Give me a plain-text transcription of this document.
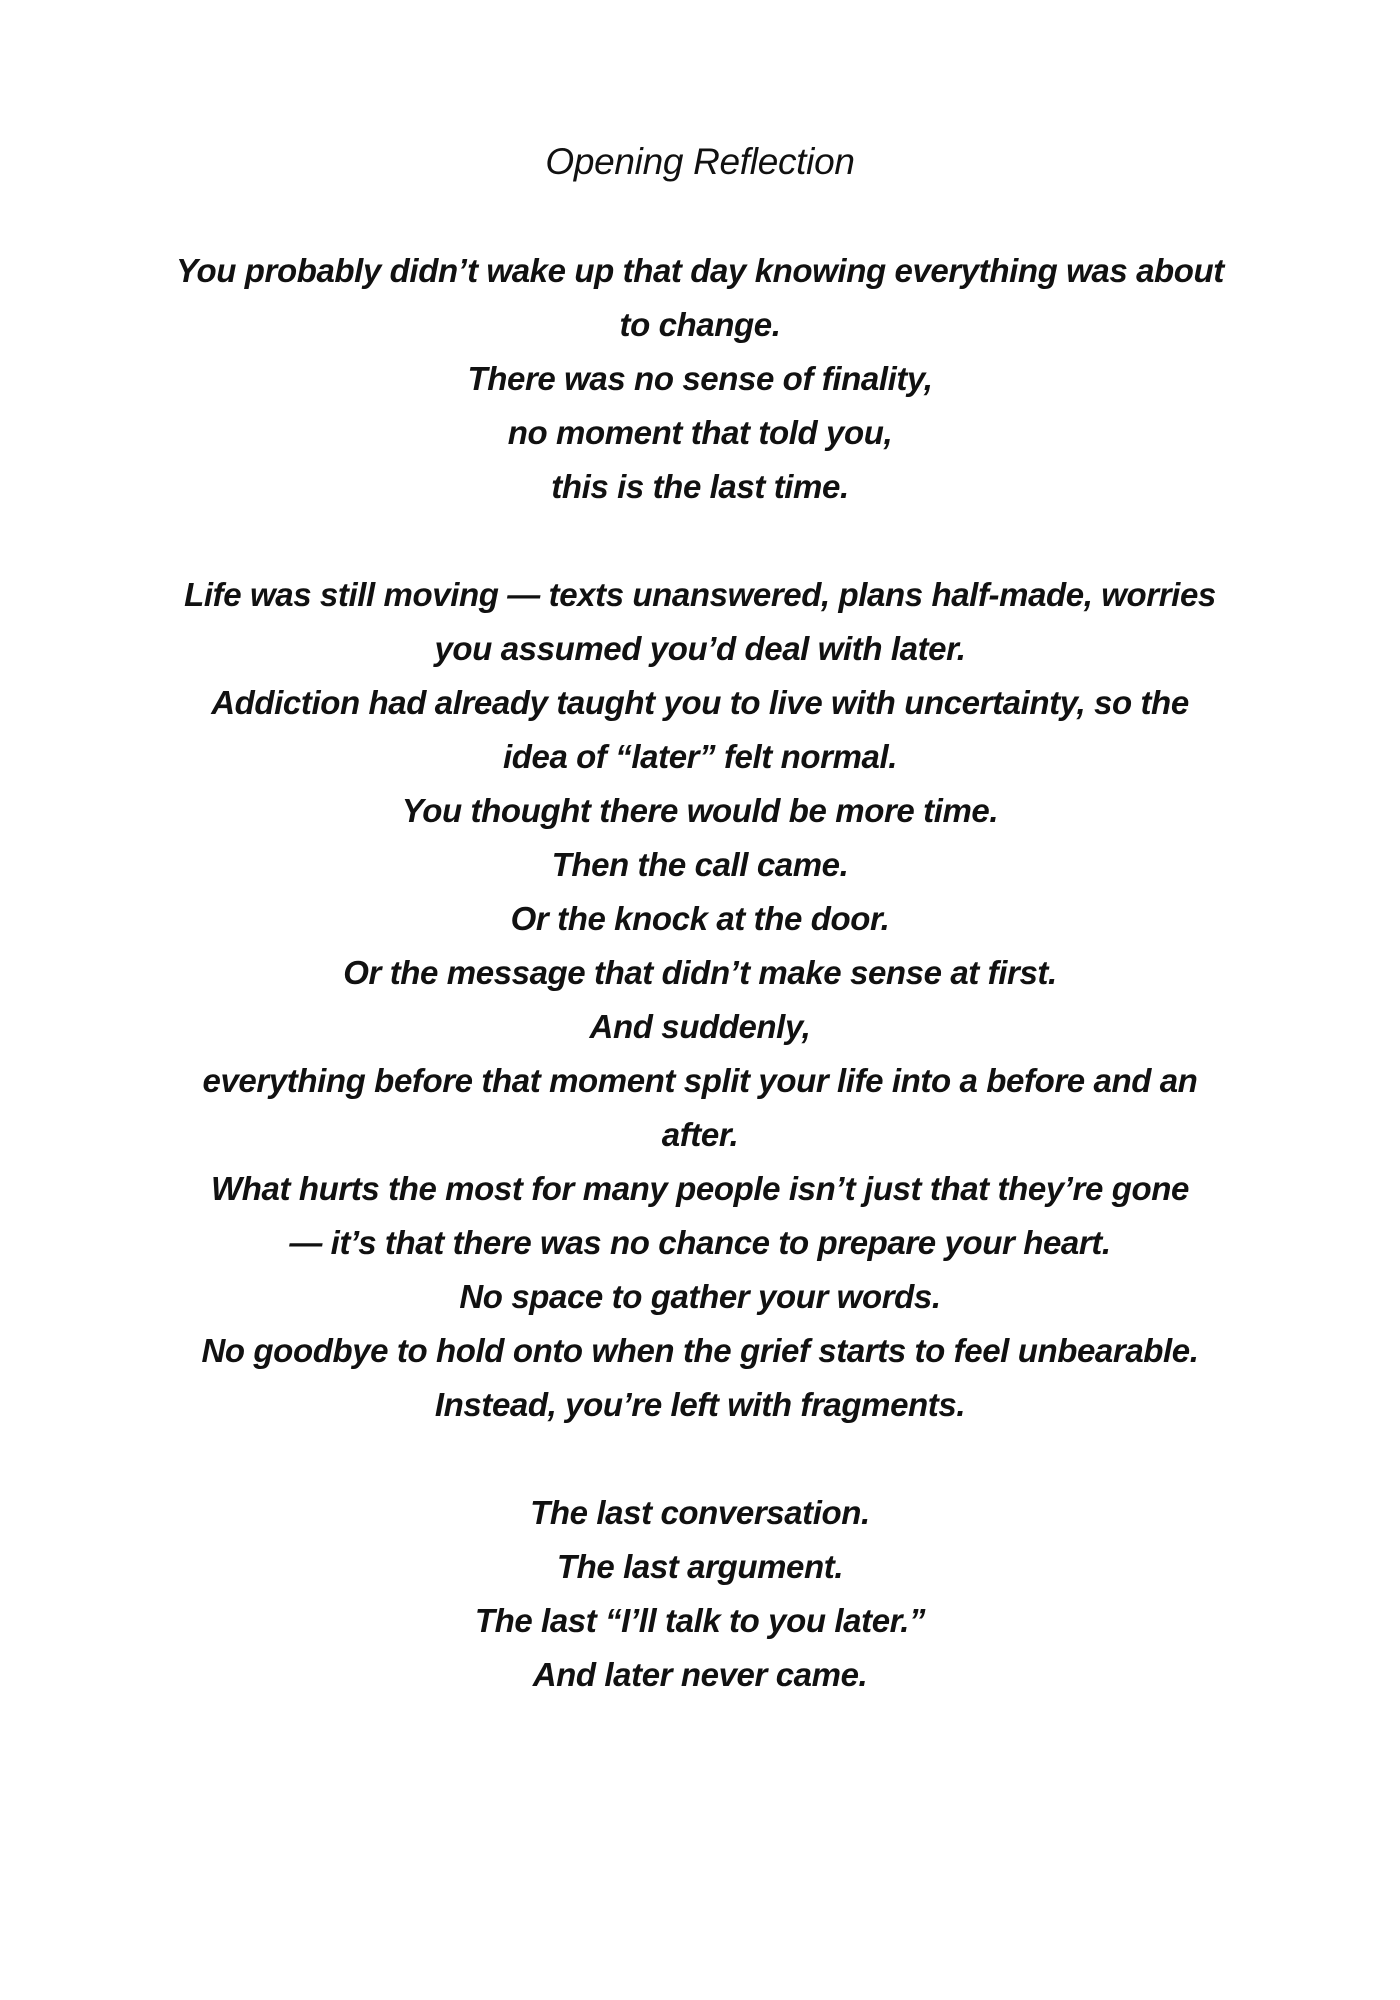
Opening Reflection
You probably didn’t wake up that day knowing everything was about
to change.
There was no sense of finality,
no moment that told you,
this is the last time.
Life was still moving — texts unanswered, plans half-made, worries
you assumed you’d deal with later.
Addiction had already taught you to live with uncertainty, so the
idea of “later” felt normal.
You thought there would be more time.
Then the call came.
Or the knock at the door.
Or the message that didn’t make sense at first.
And suddenly,
everything before that moment split your life into a before and an
after.
What hurts the most for many people isn’t just that they’re gone
— it’s that there was no chance to prepare your heart.
No space to gather your words.
No goodbye to hold onto when the grief starts to feel unbearable.
Instead, you’re left with fragments.
The last conversation.
The last argument.
The last “I’ll talk to you later.”
And later never came.
